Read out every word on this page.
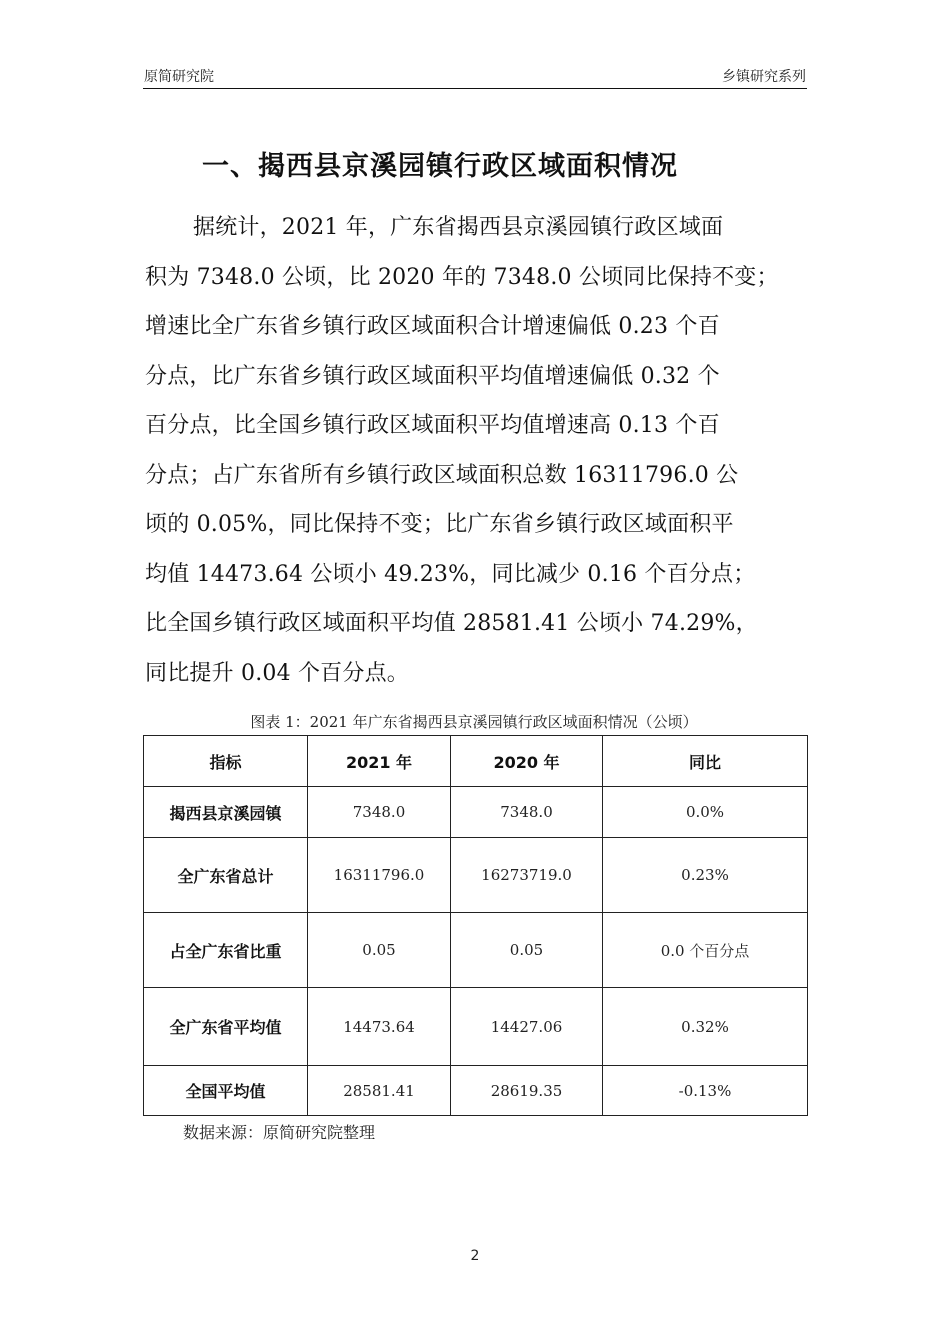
原简研究院	乡镇研究系列
一、揭西县京溪园镇行政区域面积情况
据统计，2021 年，广东省揭西县京溪园镇行政区域面
积为 7348.0 公顷，比 2020 年的 7348.0 公顷同比保持不变；
增速比全广东省乡镇行政区域面积合计增速偏低 0.23 个百
分点，比广东省乡镇行政区域面积平均值增速偏低 0.32 个
百分点，比全国乡镇行政区域面积平均值增速高 0.13 个百
分点；占广东省所有乡镇行政区域面积总数 16311796.0 公
顷的 0.05%，同比保持不变；比广东省乡镇行政区域面积平
均值 14473.64 公顷小 49.23%，同比减少 0.16 个百分点；
比全国乡镇行政区域面积平均值 28581.41 公顷小 74.29%，
同比提升 0.04 个百分点。
图表 1：2021 年广东省揭西县京溪园镇行政区域面积情况（公顷）
指标	2021 年	2020 年	同比
揭西县京溪园镇	7348.0	7348.0	0.0%
全广东省总计	16311796.0	16273719.0	0.23%
占全广东省比重	0.05	0.05	0.0 个百分点
全广东省平均值	14473.64	14427.06	0.32%
全国平均值	28581.41	28619.35	-0.13%
数据来源：原简研究院整理
2
